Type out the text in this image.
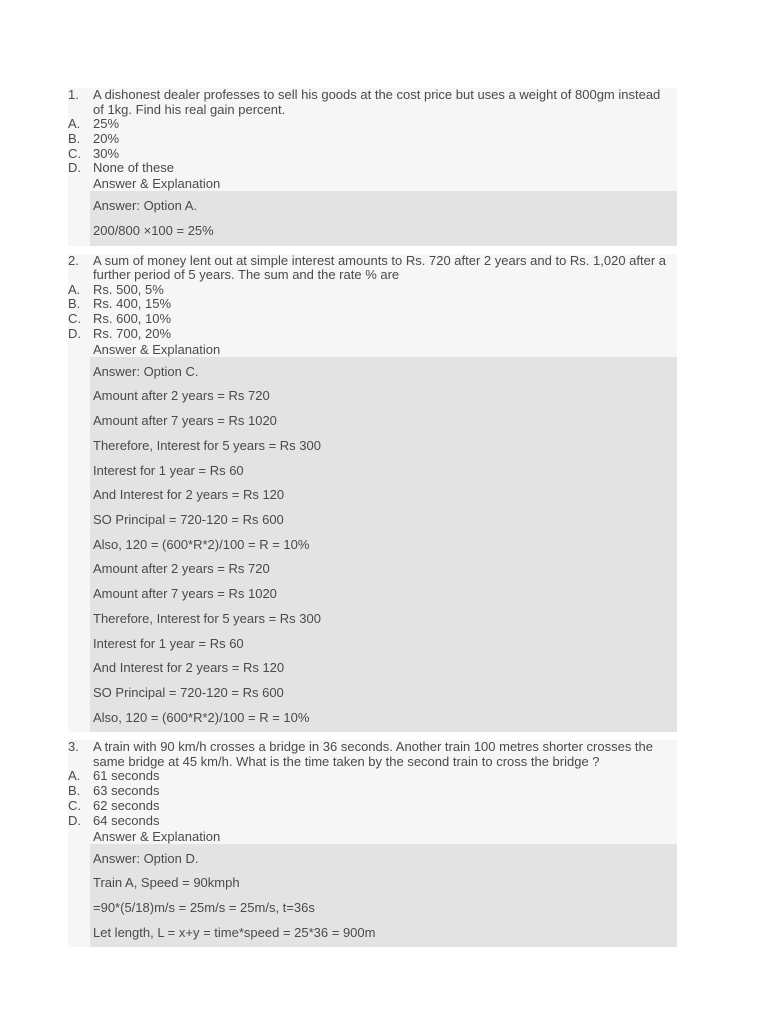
1.	A dishonest dealer professes to sell his goods at the cost price but uses a weight of 800gm instead of 1kg. Find his real gain percent.
A. 25%
B. 20%
C. 30%
D. None of these
Answer & Explanation

Answer: Option A.

200/800 ×100 = 25%

2.	A sum of money lent out at simple interest amounts to Rs. 720 after 2 years and to Rs. 1,020 after a further period of 5 years. The sum and the rate % are
A. Rs. 500, 5%
B. Rs. 400, 15%
C. Rs. 600, 10%
D. Rs. 700, 20%
Answer & Explanation

Answer: Option C.

Amount after 2 years = Rs 720

Amount after 7 years = Rs 1020

Therefore, Interest for 5 years = Rs 300

Interest for 1 year = Rs 60

And Interest for 2 years = Rs 120

SO Principal = 720-120 = Rs 600

Also, 120 = (600*R*2)/100 = R = 10%

Amount after 2 years = Rs 720

Amount after 7 years = Rs 1020

Therefore, Interest for 5 years = Rs 300

Interest for 1 year = Rs 60

And Interest for 2 years = Rs 120

SO Principal = 720-120 = Rs 600

Also, 120 = (600*R*2)/100 = R = 10%

3.	A train with 90 km/h crosses a bridge in 36 seconds. Another train 100 metres shorter crosses the same bridge at 45 km/h. What is the time taken by the second train to cross the bridge ?
A. 61 seconds
B. 63 seconds
C. 62 seconds
D. 64 seconds
Answer & Explanation

Answer: Option D.

Train A, Speed = 90kmph

=90*(5/18)m/s = 25m/s = 25m/s, t=36s

Let length, L = x+y = time*speed = 25*36 = 900m
